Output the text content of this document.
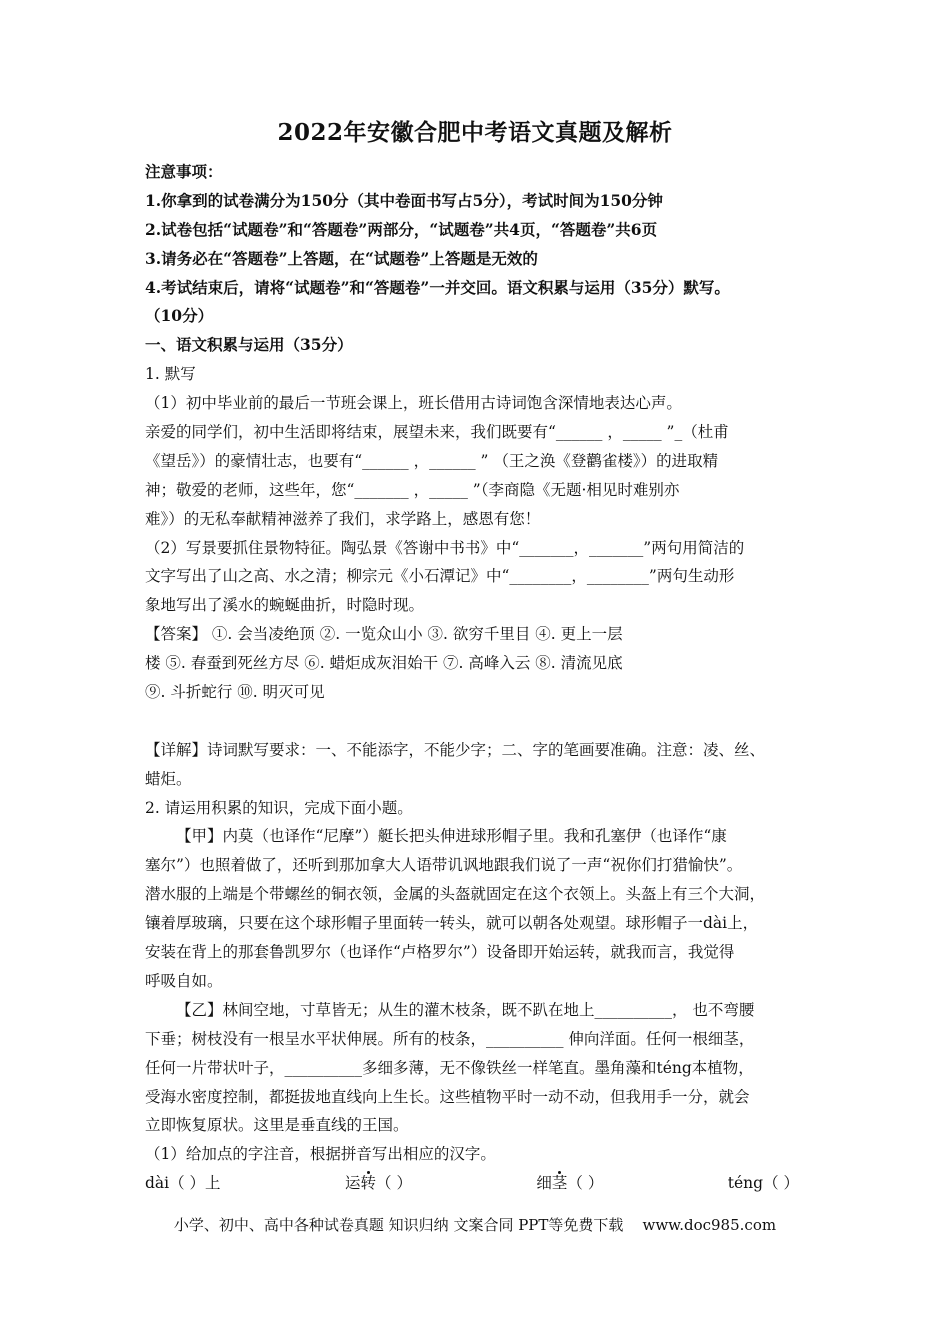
2022年安徽合肥中考语文真题及解析
注意事项：
1.你拿到的试卷满分为150分（其中卷面书写占5分），考试时间为150分钟
2.试卷包括“试题卷”和“答题卷”两部分，“试题卷”共4页，“答题卷”共6页
3.请务必在“答题卷”上答题，在“试题卷”上答题是无效的
4.考试结束后，请将“试题卷”和“答题卷”一并交回。语文积累与运用（35分）默写。
（10分）
一、语文积累与运用（35分）
1. 默写
（1）初中毕业前的最后一节班会课上，班长借用古诗词饱含深情地表达心声。
亲爱的同学们，初中生活即将结束，展望未来，我们既要有“______ ，_____ ”_（杜甫
《望岳》）的豪情壮志，也要有“______ ，______ ” （王之涣《登鹳雀楼》）的进取精
神；敬爱的老师，这些年，您“_______ ，_____ ”（李商隐《无题·相见时难别亦
难》）的无私奉献精神滋养了我们，求学路上，感恩有您！
（2）写景要抓住景物特征。陶弘景《答谢中书书》中“_______，_______”两句用简洁的
文字写出了山之高、水之清；柳宗元《小石潭记》中“________，________”两句生动形
象地写出了溪水的蜿蜒曲折，时隐时现。
【答案】 ①. 会当凌绝顶 ②. 一览众山小 ③. 欲穷千里目 ④. 更上一层
楼 ⑤. 春蚕到死丝方尽 ⑥. 蜡炬成灰泪始干 ⑦. 高峰入云 ⑧. 清流见底
⑨. 斗折蛇行 ⑩. 明灭可见
【详解】诗词默写要求：一、不能添字，不能少字；二、字的笔画要准确。注意：凌、丝、
蜡炬。
2. 请运用积累的知识，完成下面小题。
【甲】内莫（也译作“尼摩”）艇长把头伸进球形帽子里。我和孔塞伊（也译作“康
塞尔”）也照着做了，还听到那加拿大人语带讥讽地跟我们说了一声“祝你们打猎愉快”。
潜水服的上端是个带螺丝的铜衣领，金属的头盔就固定在这个衣领上。头盔上有三个大洞，
镶着厚玻璃，只要在这个球形帽子里面转一转头，就可以朝各处观望。球形帽子一dài上，
安装在背上的那套鲁凯罗尔（也译作“卢格罗尔”）设备即开始运转，就我而言，我觉得
呼吸自如。
【乙】林间空地，寸草皆无；从生的灌木枝条，既不趴在地上__________， 也不弯腰
下垂；树枝没有一根呈水平状伸展。所有的枝条，__________ 伸向洋面。任何一根细茎，
任何一片带状叶子，__________多细多薄，无不像铁丝一样笔直。墨角藻和téng本植物，
受海水密度控制，都挺拔地直线向上生长。这些植物平时一动不动，但我用手一分，就会
立即恢复原状。这里是垂直线的王国。
（1）给加点的字注音，根据拼音写出相应的汉字。
dài（ ）上	运转（ ）	细茎（ ）	téng（ ）
小学、初中、高中各种试卷真题 知识归纳 文案合同 PPT等免费下载    www.doc985.com
